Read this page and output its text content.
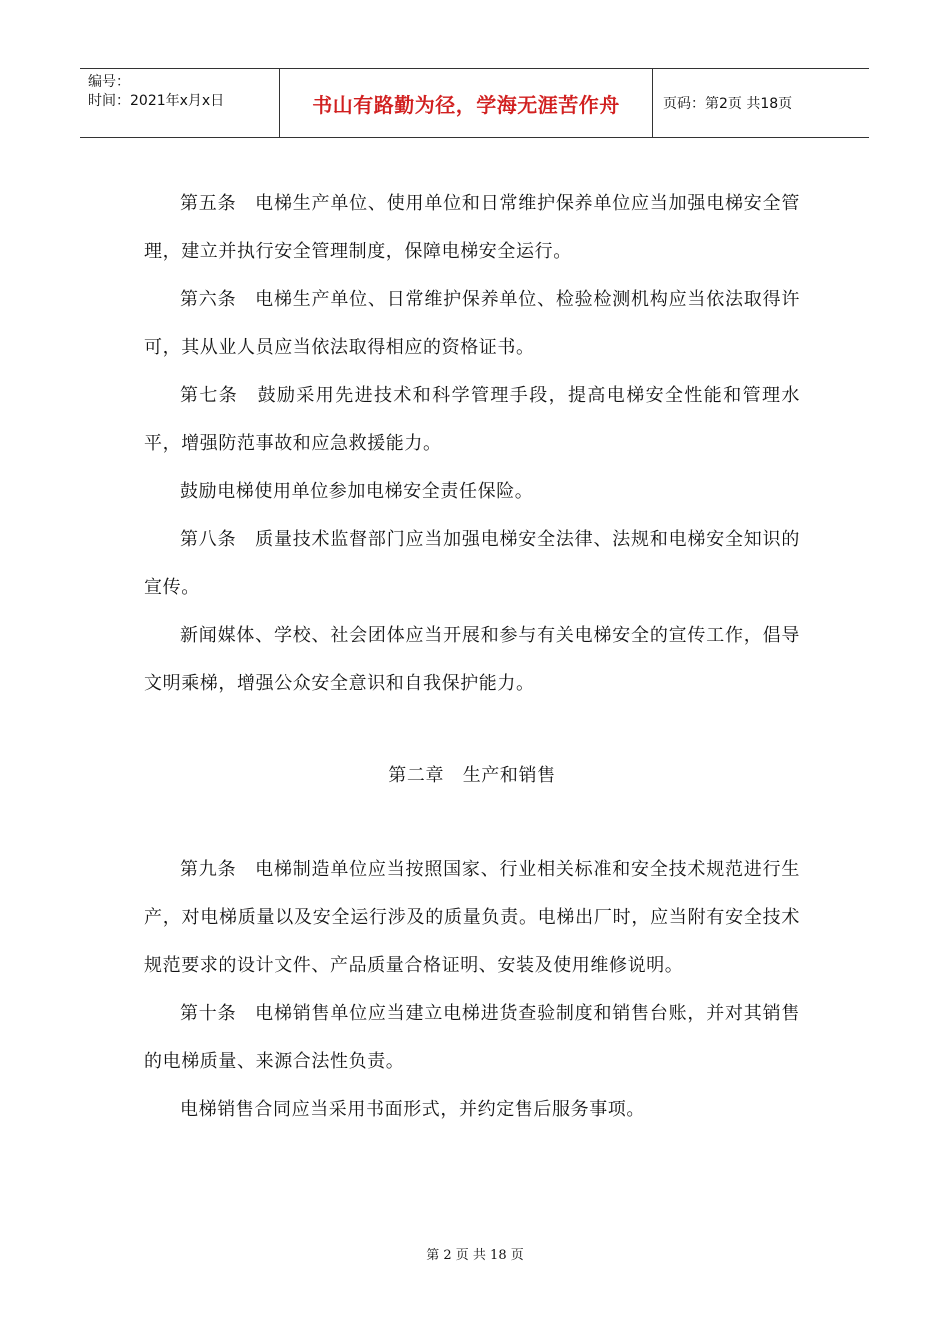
编号：
时间：2021年x月x日	书山有路勤为径，学海无涯苦作舟	页码：第2页 共18页

第五条　电梯生产单位、使用单位和日常维护保养单位应当加强电梯安全管理，建立并执行安全管理制度，保障电梯安全运行。

第六条　电梯生产单位、日常维护保养单位、检验检测机构应当依法取得许可，其从业人员应当依法取得相应的资格证书。

第七条　鼓励采用先进技术和科学管理手段，提高电梯安全性能和管理水平，增强防范事故和应急救援能力。

鼓励电梯使用单位参加电梯安全责任保险。

第八条　质量技术监督部门应当加强电梯安全法律、法规和电梯安全知识的宣传。

新闻媒体、学校、社会团体应当开展和参与有关电梯安全的宣传工作，倡导文明乘梯，增强公众安全意识和自我保护能力。

第二章　生产和销售

第九条　电梯制造单位应当按照国家、行业相关标准和安全技术规范进行生产，对电梯质量以及安全运行涉及的质量负责。电梯出厂时，应当附有安全技术规范要求的设计文件、产品质量合格证明、安装及使用维修说明。

第十条　电梯销售单位应当建立电梯进货查验制度和销售台账，并对其销售的电梯质量、来源合法性负责。

电梯销售合同应当采用书面形式，并约定售后服务事项。

第 2 页 共 18 页
